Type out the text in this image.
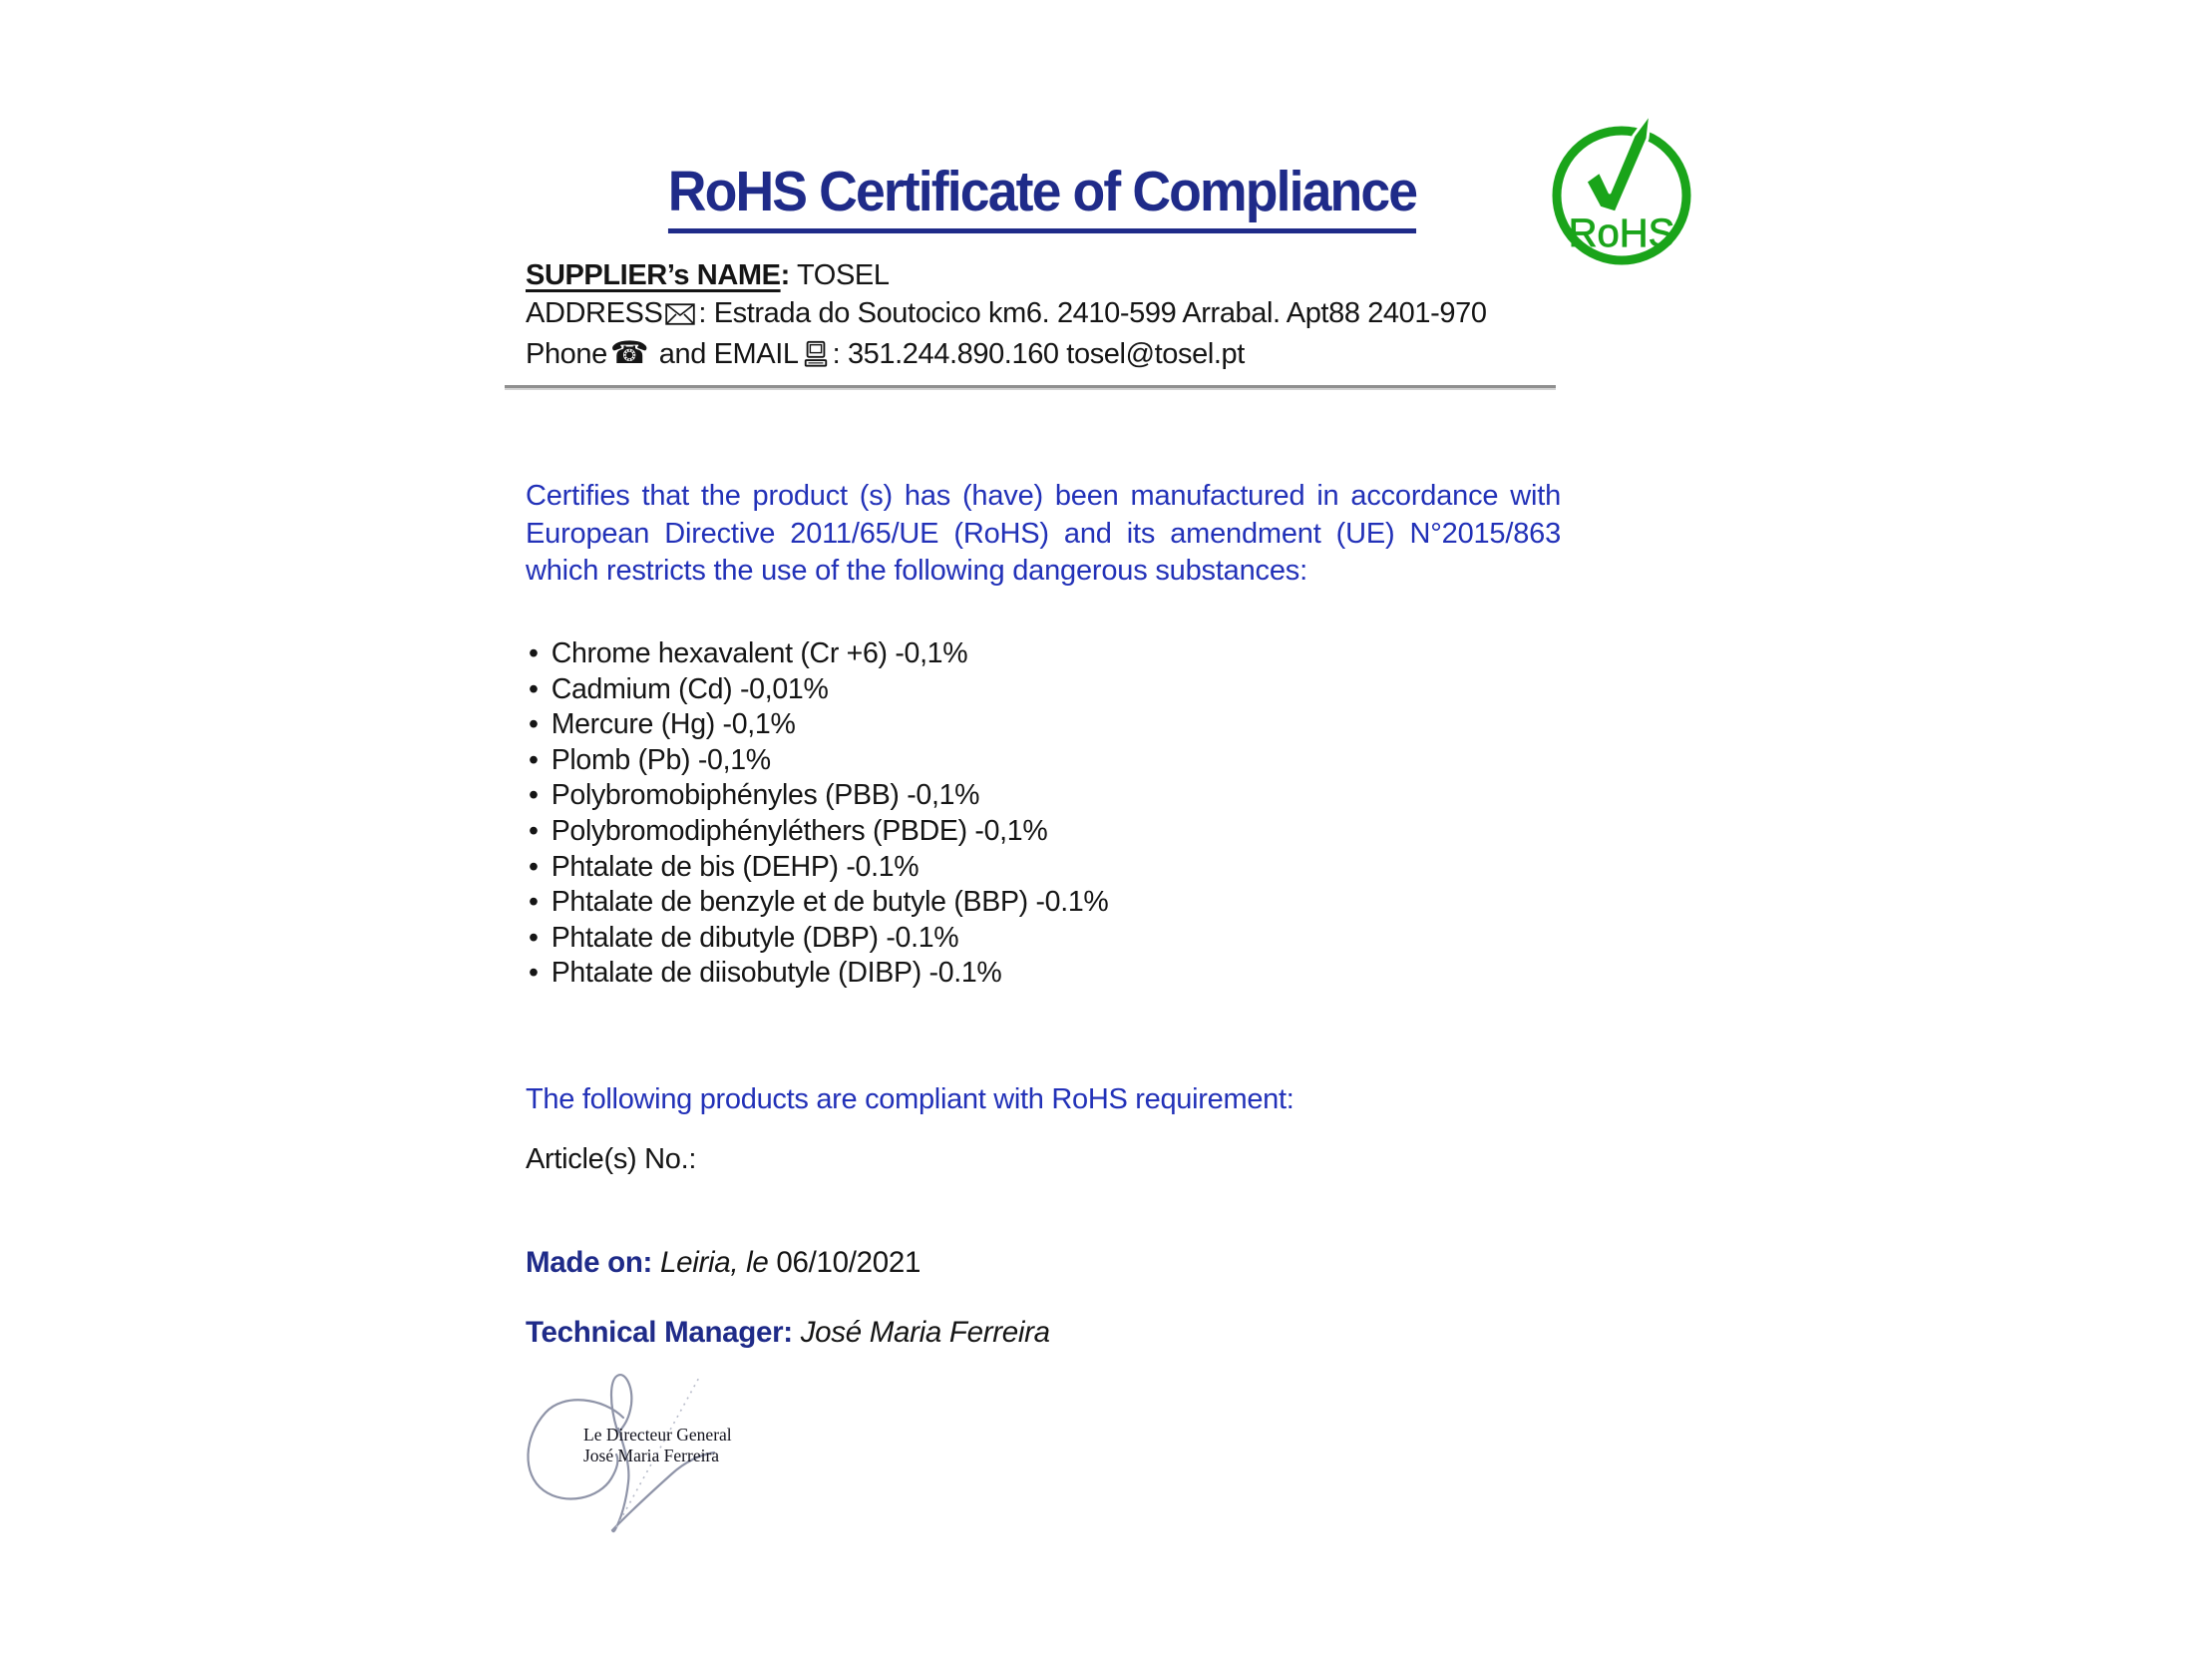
RoHS Certificate of Compliance
RoHS
SUPPLIER’s NAME: TOSEL
ADDRESS : Estrada do Soutocico km6. 2410-599 Arrabal. Apt88 2401-970
Phone☎ and EMAIL : 351.244.890.160 tosel@tosel.pt

Certifies that the product (s) has (have) been manufactured in accordance with European Directive 2011/65/UE (RoHS) and its amendment (UE) N°2015/863 which restricts the use of the following dangerous substances:

• Chrome hexavalent (Cr +6) -0,1%
• Cadmium (Cd) -0,01%
• Mercure (Hg) -0,1%
• Plomb (Pb) -0,1%
• Polybromobiphényles (PBB) -0,1%
• Polybromodiphényléthers (PBDE) -0,1%
• Phtalate de bis (DEHP) -0.1%
• Phtalate de benzyle et de butyle (BBP) -0.1%
• Phtalate de dibutyle (DBP) -0.1%
• Phtalate de diisobutyle (DIBP) -0.1%
The following products are compliant with RoHS requirement:
Article(s) No.:
Made on: Leiria, le 06/10/2021
Technical Manager: José Maria Ferreira
Le Directeur General
José Maria Ferreira
